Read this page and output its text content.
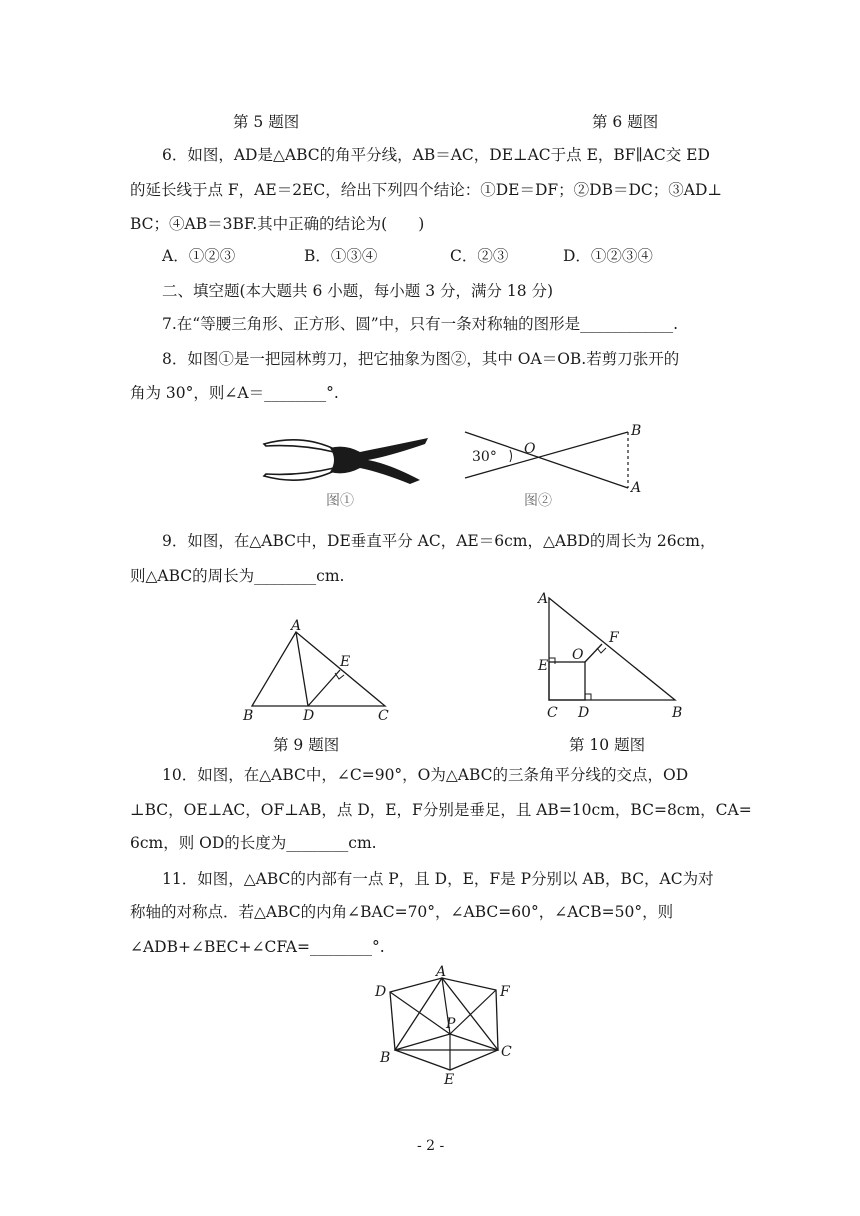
第 5 题图	第 6 题图
6．如图，AD是△ABC的角平分线，AB＝AC，DE⊥AC于点 E，BF∥AC交 ED
的延长线于点 F，AE＝2EC，给出下列四个结论：①DE＝DF；②DB＝DC；③AD⊥
BC；④AB＝3BF.其中正确的结论为(　　)
A．①②③	B．①③④	C．②③	D．①②③④
二、填空题(本大题共 6 小题，每小题 3 分，满分 18 分)
7.在“等腰三角形、正方形、圆”中，只有一条对称轴的图形是____________.
8．如图①是一把园林剪刀，把它抽象为图②，其中 OA＝OB.若剪刀张开的
角为 30°，则∠A＝________°.
图①
30° O
B
A
图②
9．如图，在△ABC中，DE垂直平分 AC，AE＝6cm，△ABD的周长为 26cm，
则△ABC的周长为________cm.
A
E
B	D	C
第 9 题图
A
F
E
O
C D	B
第 10 题图
10．如图，在△ABC中，∠C=90°，O为△ABC的三条角平分线的交点，OD
⊥BC，OE⊥AC，OF⊥AB，点 D，E，F分别是垂足，且 AB=10cm，BC=8cm，CA=
6cm，则 OD的长度为________cm.
11．如图，△ABC的内部有一点 P，且 D，E，F是 P分别以 AB，BC，AC为对
称轴的对称点．若△ABC的内角∠BAC=70°，∠ABC=60°，∠ACB=50°，则
∠ADB+∠BEC+∠CFA=________°.
A
D	F
P
B	C
E
- 2 -
